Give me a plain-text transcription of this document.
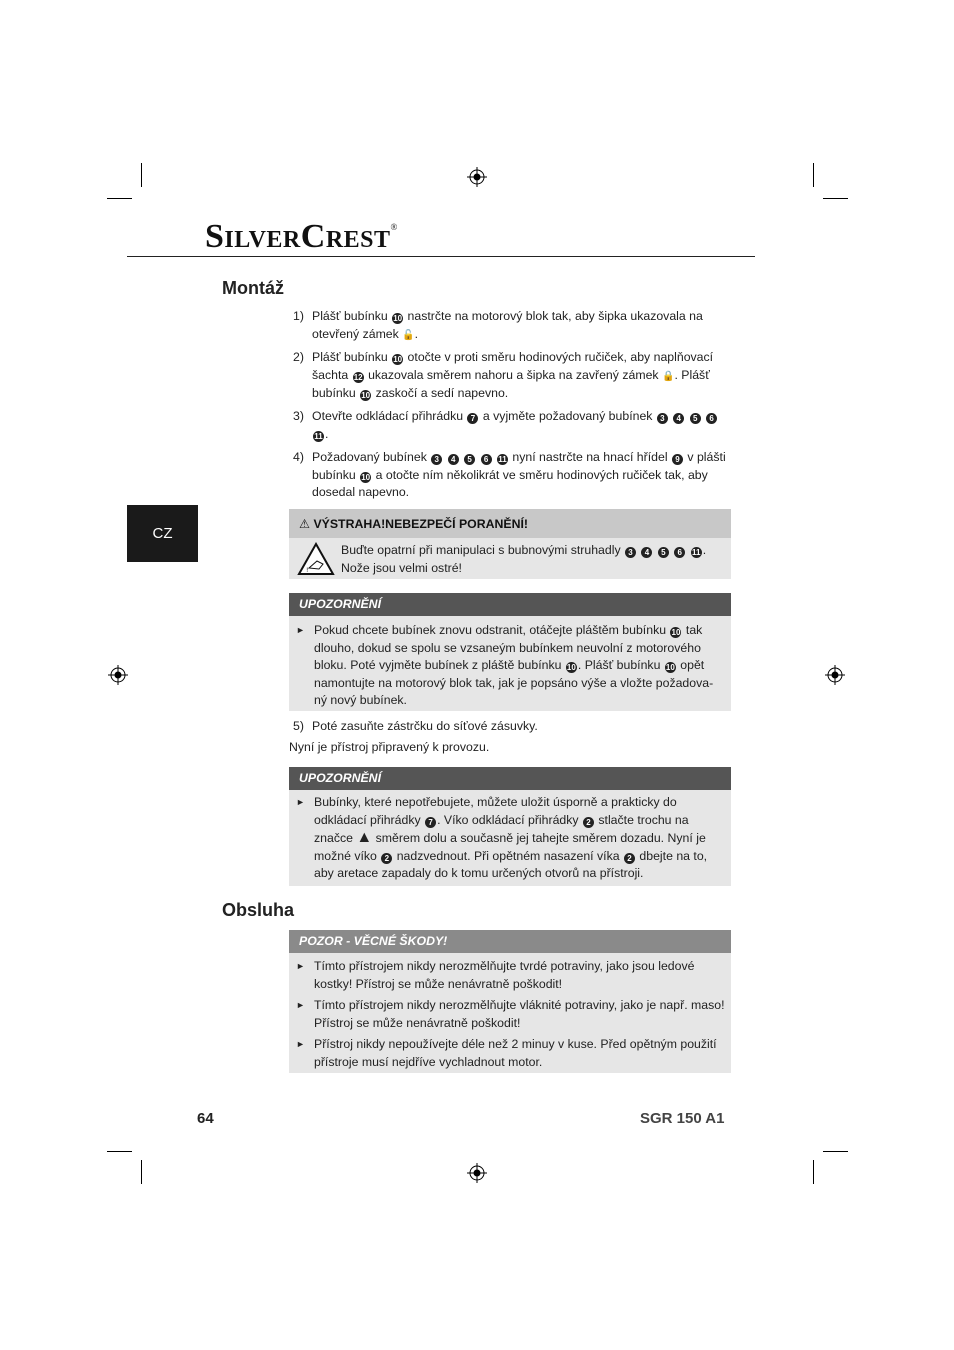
SILVERCREST®
CZ
Montáž
1) Plášť bubínku 10 nastrčte na motorový blok tak, aby šipka ukazovala na otevřený zámek 🔓.
2) Plášť bubínku 10 otočte v proti směru hodinových ručiček, aby naplňovací šachta 12 ukazovala směrem nahoru a šipka na zavřený zámek 🔒. Plášť bubínku 10 zaskočí a sedí napevno.
3) Otevřte odkládací přihrádku 7 a vyjměte požadovaný bubínek 3 4 5 6 11 .
4) Požadovaný bubínek 3 4 5 6 11 nyní nastrčte na hnací hřídel 9 v plášti bubínku 10 a otočte ním několikrát ve směru hodinových ručiček tak, aby dosedal napevno.
⚠ VÝSTRAHA!NEBEZPEČÍ PORANĚNÍ!
!
Buďte opatrní při manipulaci s bubnovými struhadly 3 4 5 6 11 . Nože jsou velmi ostré!
UPOZORNĚNÍ
► Pokud chcete bubínek znovu odstranit, otáčejte pláštěm bubínku 10 tak dlouho, dokud se spolu se vzsaneým bubínkem neuvolní z motorového bloku. Poté vyjměte bubínek z pláště bubínku 10 . Plášť bubínku 10 opět namontujte na motorový blok tak, jak je popsáno výše a vložte požadova-ný nový bubínek.
5) Poté zasuňte zástrčku do síťové zásuvky.
Nyní je přístroj připravený k provozu.
UPOZORNĚNÍ
► Bubínky, které nepotřebujete, můžete uložit úsporně a prakticky do odkládací přihrádky 7 . Víko odkládací přihrádky 2 stlačte trochu na značce ▲ směrem dolu a současně jej tahejte směrem dozadu. Nyní je možné víko 2 nadzvednout. Při opětném nasazení víka 2 dbejte na to, aby aretace zapadaly do k tomu určených otvorů na přístroji.
Obsluha
POZOR - VĚCNÉ ŠKODY!
► Tímto přístrojem nikdy nerozmělňujte tvrdé potraviny, jako jsou ledové kostky! Přístroj se může nenávratně poškodit!
► Tímto přístrojem nikdy nerozmělňujte vláknité potraviny, jako je např. maso! Přístroj se může nenávratně poškodit!
► Přístroj nikdy nepoužívejte déle než 2 minuy v kuse. Před opětným použití přístroje musí nejdříve vychladnout motor.
64	SGR 150 A1
